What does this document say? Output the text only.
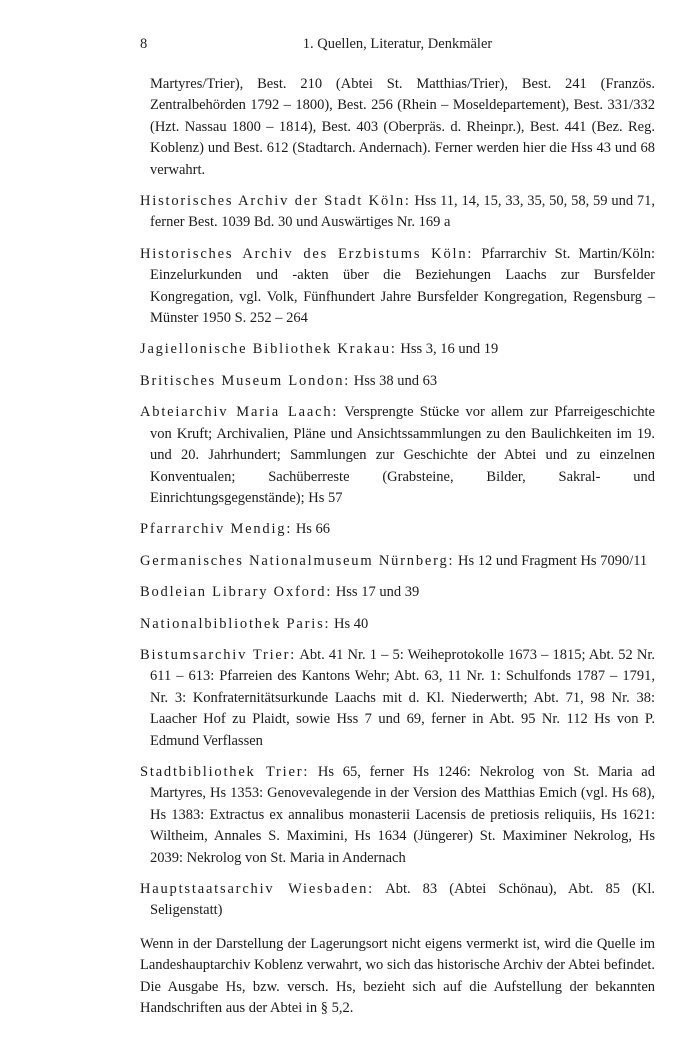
8	1. Quellen, Literatur, Denkmäler

Martyres/Trier), Best. 210 (Abtei St. Matthias/Trier), Best. 241 (Französ. Zentralbehörden 1792 – 1800), Best. 256 (Rhein – Moseldepartement), Best. 331/332 (Hzt. Nassau 1800 – 1814), Best. 403 (Oberpräs. d. Rheinpr.), Best. 441 (Bez. Reg. Koblenz) und Best. 612 (Stadtarch. Andernach). Ferner werden hier die Hss 43 und 68 verwahrt.

Historisches Archiv der Stadt Köln: Hss 11, 14, 15, 33, 35, 50, 58, 59 und 71, ferner Best. 1039 Bd. 30 und Auswärtiges Nr. 169 a

Historisches Archiv des Erzbistums Köln: Pfarrarchiv St. Martin/Köln: Einzelurkunden und -akten über die Beziehungen Laachs zur Bursfelder Kongregation, vgl. Volk, Fünfhundert Jahre Bursfelder Kongregation, Regensburg – Münster 1950 S. 252 – 264

Jagiellonische Bibliothek Krakau: Hss 3, 16 und 19

Britisches Museum London: Hss 38 und 63

Abteiarchiv Maria Laach: Versprengte Stücke vor allem zur Pfarreigeschichte von Kruft; Archivalien, Pläne und Ansichtssammlungen zu den Baulichkeiten im 19. und 20. Jahrhundert; Sammlungen zur Geschichte der Abtei und zu einzelnen Konventualen; Sachüberreste (Grabsteine, Bilder, Sakral- und Einrichtungsgegenstände); Hs 57

Pfarrarchiv Mendig: Hs 66

Germanisches Nationalmuseum Nürnberg: Hs 12 und Fragment Hs 7090/11

Bodleian Library Oxford: Hss 17 und 39

Nationalbibliothek Paris: Hs 40

Bistumsarchiv Trier: Abt. 41 Nr. 1 – 5: Weiheprotokolle 1673 – 1815; Abt. 52 Nr. 611 – 613: Pfarreien des Kantons Wehr; Abt. 63, 11 Nr. 1: Schulfonds 1787 – 1791, Nr. 3: Konfraternitätsurkunde Laachs mit d. Kl. Niederwerth; Abt. 71, 98 Nr. 38: Laacher Hof zu Plaidt, sowie Hss 7 und 69, ferner in Abt. 95 Nr. 112 Hs von P. Edmund Verflassen

Stadtbibliothek Trier: Hs 65, ferner Hs 1246: Nekrolog von St. Maria ad Martyres, Hs 1353: Genovevalegende in der Version des Matthias Emich (vgl. Hs 68), Hs 1383: Extractus ex annalibus monasterii Lacensis de pretiosis reliquiis, Hs 1621: Wiltheim, Annales S. Maximini, Hs 1634 (Jüngerer) St. Maximiner Nekrolog, Hs 2039: Nekrolog von St. Maria in Andernach

Hauptstaatsarchiv Wiesbaden: Abt. 83 (Abtei Schönau), Abt. 85 (Kl. Seligenstatt)

Wenn in der Darstellung der Lagerungsort nicht eigens vermerkt ist, wird die Quelle im Landeshauptarchiv Koblenz verwahrt, wo sich das historische Archiv der Abtei befindet. Die Ausgabe Hs, bzw. versch. Hs, bezieht sich auf die Aufstellung der bekannten Handschriften aus der Abtei in § 5,2.
